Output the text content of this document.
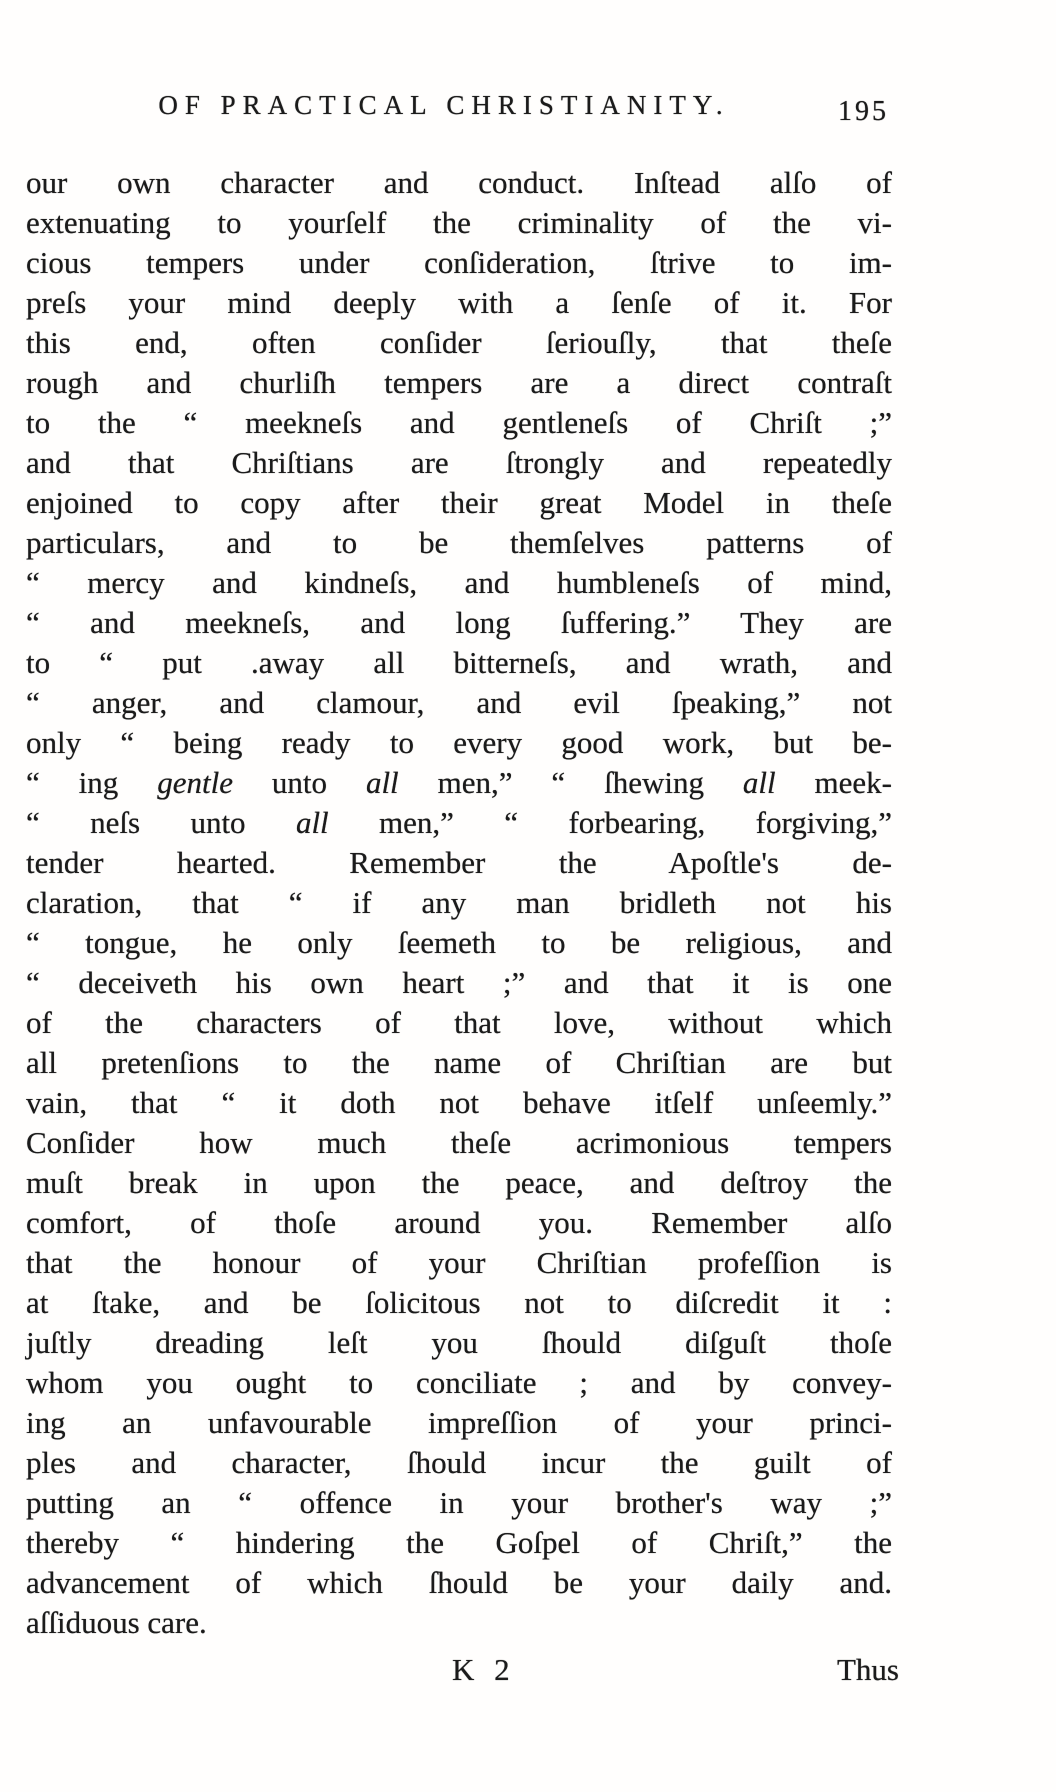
OF PRACTICAL CHRISTIANITY.	195
our own character and conduct. Inſtead alſo of
extenuating to yourſelf the criminality of the vi-
cious tempers under conſideration, ſtrive to im-
preſs your mind deeply with a ſenſe of it. For
this end, often conſider ſeriouſly, that theſe
rough and churliſh tempers are a direct contraſt
to the “ meekneſs and gentleneſs of Chriſt ;”
and that Chriſtians are ſtrongly and repeatedly
enjoined to copy after their great Model in theſe
particulars, and to be themſelves patterns of
“ mercy and kindneſs, and humbleneſs of mind,
“ and meekneſs, and long ſuffering.” They are
to “ put .away all bitterneſs, and wrath, and
“ anger, and clamour, and evil ſpeaking,” not
only “ being ready to every good work, but be-
“ ing gentle unto all men,” “ ſhewing all meek-
“ neſs unto all men,” “ forbearing, forgiving,”
tender hearted. Remember the Apoſtle's de-
claration, that “ if any man bridleth not his
“ tongue, he only ſeemeth to be religious, and
“ deceiveth his own heart ;” and that it is one
of the characters of that love, without which
all pretenſions to the name of Chriſtian are but
vain, that “ it doth not behave itſelf unſeemly.”
Conſider how much theſe acrimonious tempers
muſt break in upon the peace, and deſtroy the
comfort, of thoſe around you. Remember alſo
that the honour of your Chriſtian profeſſion is
at ſtake, and be ſolicitous not to diſcredit it :
juſtly dreading leſt you ſhould diſguſt thoſe
whom you ought to conciliate ; and by convey-
ing an unfavourable impreſſion of your princi-
ples and character, ſhould incur the guilt of
putting an “ offence in your brother's way ;”
thereby “ hindering the Goſpel of Chriſt,” the
advancement of which ſhould be your daily and.
aſſiduous care.
K 2	Thus
